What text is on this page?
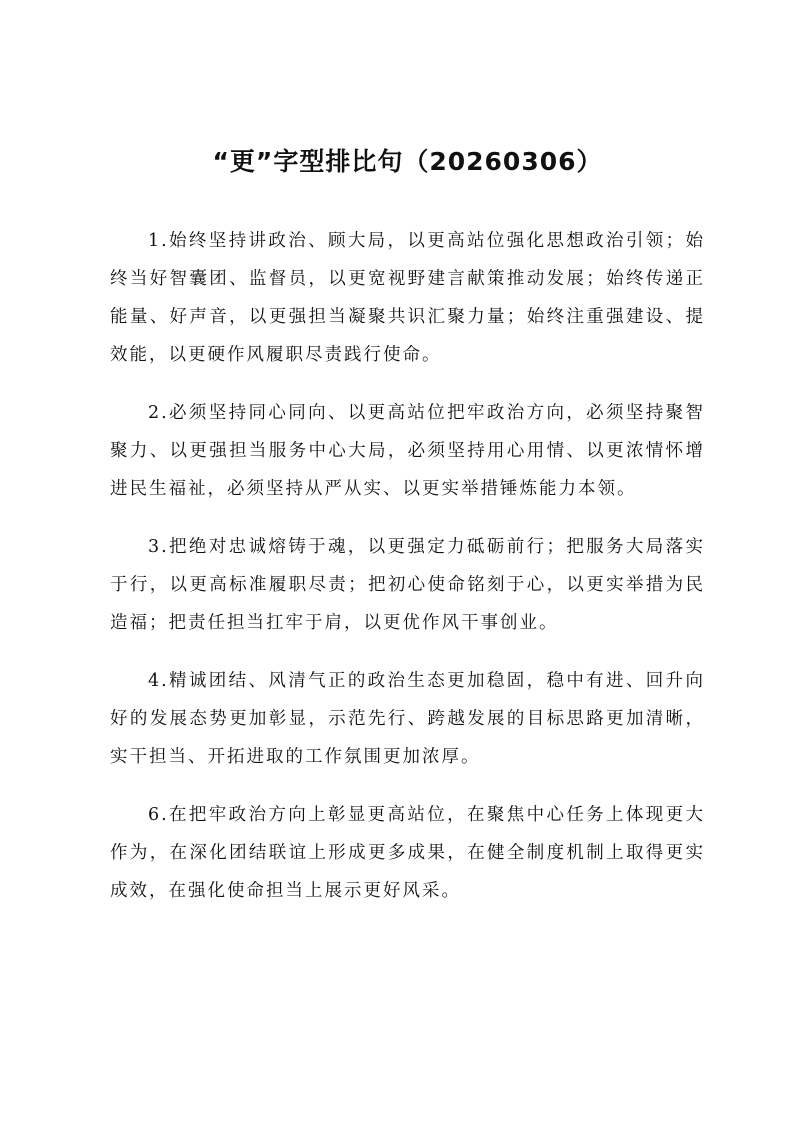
“更”字型排比句（20260306）

1.始终坚持讲政治、顾大局，以更高站位强化思想政治引领；始终当好智囊团、监督员，以更宽视野建言献策推动发展；始终传递正能量、好声音，以更强担当凝聚共识汇聚力量；始终注重强建设、提效能，以更硬作风履职尽责践行使命。

2.必须坚持同心同向、以更高站位把牢政治方向，必须坚持聚智聚力、以更强担当服务中心大局，必须坚持用心用情、以更浓情怀增进民生福祉，必须坚持从严从实、以更实举措锤炼能力本领。

3.把绝对忠诚熔铸于魂，以更强定力砥砺前行；把服务大局落实于行，以更高标准履职尽责；把初心使命铭刻于心，以更实举措为民造福；把责任担当扛牢于肩，以更优作风干事创业。

4.精诚团结、风清气正的政治生态更加稳固，稳中有进、回升向好的发展态势更加彰显，示范先行、跨越发展的目标思路更加清晰，实干担当、开拓进取的工作氛围更加浓厚。

6.在把牢政治方向上彰显更高站位，在聚焦中心任务上体现更大作为，在深化团结联谊上形成更多成果，在健全制度机制上取得更实成效，在强化使命担当上展示更好风采。
